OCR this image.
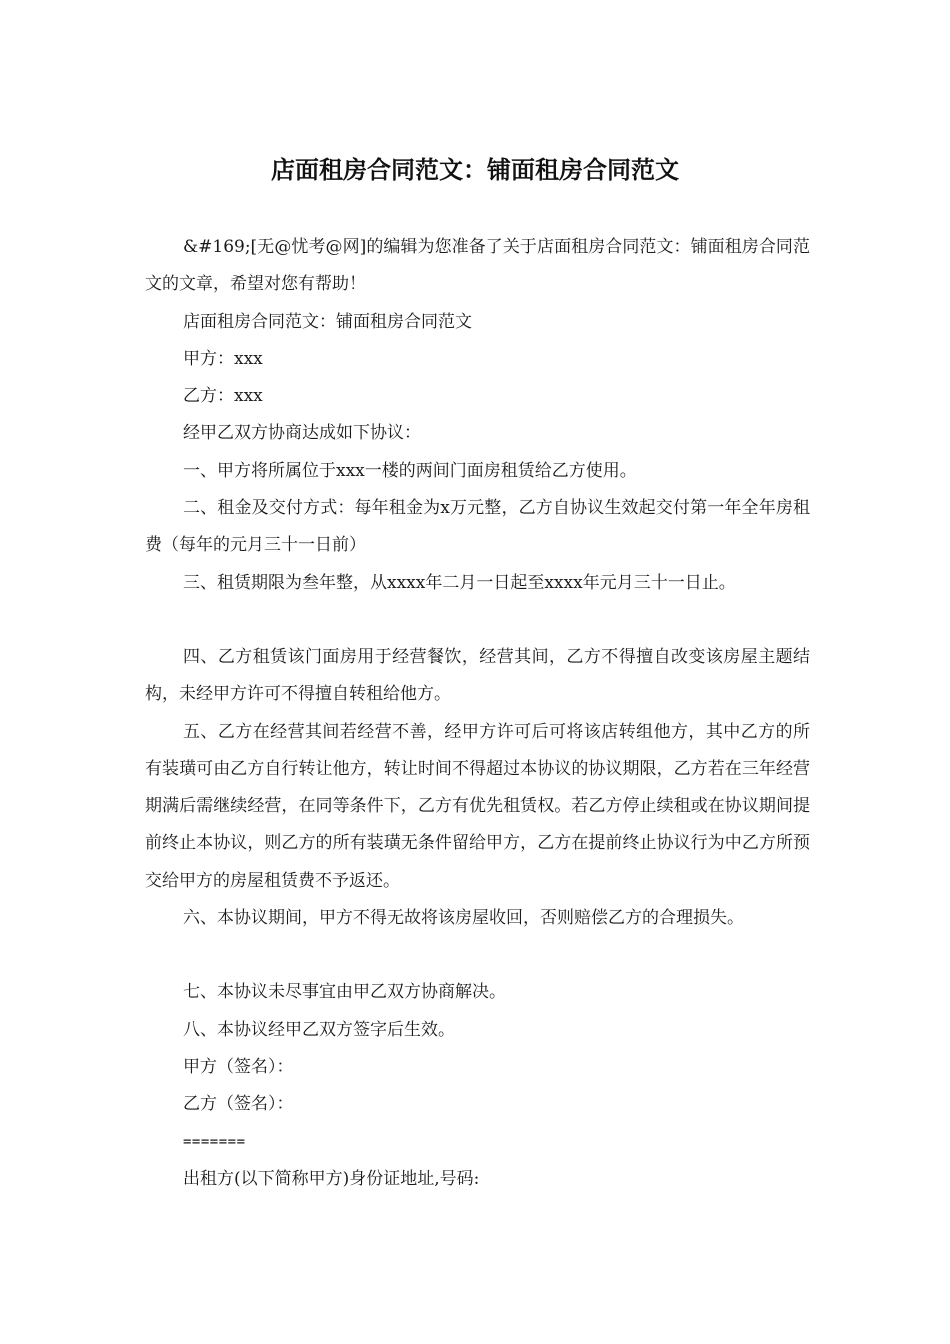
店面租房合同范文：铺面租房合同范文

&#169;[无@忧考@网]的编辑为您准备了关于店面租房合同范文：铺面租房合同范文的文章，希望对您有帮助！

店面租房合同范文：铺面租房合同范文

甲方：xxx

乙方：xxx

经甲乙双方协商达成如下协议：

一、甲方将所属位于xxx一楼的两间门面房租赁给乙方使用。

二、租金及交付方式：每年租金为x万元整，乙方自协议生效起交付第一年全年房租费（每年的元月三十一日前）

三、租赁期限为叁年整，从xxxx年二月一日起至xxxx年元月三十一日止。

四、乙方租赁该门面房用于经营餐饮，经营其间，乙方不得擅自改变该房屋主题结构，未经甲方许可不得擅自转租给他方。

五、乙方在经营其间若经营不善，经甲方许可后可将该店转组他方，其中乙方的所有装璜可由乙方自行转让他方，转让时间不得超过本协议的协议期限，乙方若在三年经营期满后需继续经营，在同等条件下，乙方有优先租赁权。若乙方停止续租或在协议期间提前终止本协议，则乙方的所有装璜无条件留给甲方，乙方在提前终止协议行为中乙方所预交给甲方的房屋租赁费不予返还。

六、本协议期间，甲方不得无故将该房屋收回，否则赔偿乙方的合理损失。

七、本协议未尽事宜由甲乙双方协商解决。

八、本协议经甲乙双方签字后生效。

甲方（签名）：

乙方（签名）：

=======

出租方(以下简称甲方)身份证地址,号码:
